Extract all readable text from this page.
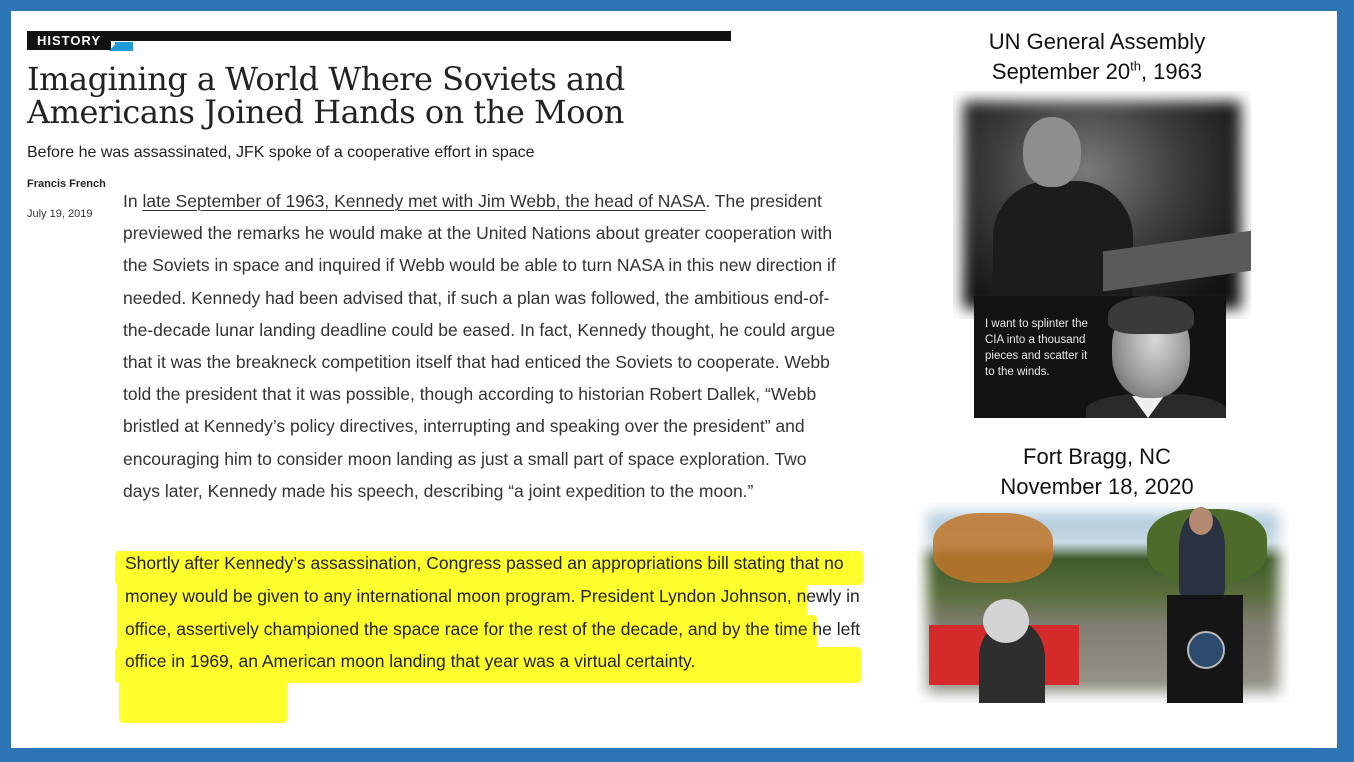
HISTORY
Imagining a World Where Soviets and Americans Joined Hands on the Moon
Before he was assassinated, JFK spoke of a cooperative effort in space
Francis French
July 19, 2019

In late September of 1963, Kennedy met with Jim Webb, the head of NASA. The president previewed the remarks he would make at the United Nations about greater cooperation with the Soviets in space and inquired if Webb would be able to turn NASA in this new direction if needed. Kennedy had been advised that, if such a plan was followed, the ambitious end-of-the-decade lunar landing deadline could be eased. In fact, Kennedy thought, he could argue that it was the breakneck competition itself that had enticed the Soviets to cooperate. Webb told the president that it was possible, though according to historian Robert Dallek, “Webb bristled at Kennedy’s policy directives, interrupting and speaking over the president” and encouraging him to consider moon landing as just a small part of space exploration. Two days later, Kennedy made his speech, describing “a joint expedition to the moon.”

Shortly after Kennedy’s assassination, Congress passed an appropriations bill stating that no money would be given to any international moon program. President Lyndon Johnson, newly in office, assertively championed the space race for the rest of the decade, and by the time he left office in 1969, an American moon landing that year was a virtual certainty.

UN General Assembly
September 20th, 1963
I want to splinter the CIA into a thousand pieces and scatter it to the winds.
Fort Bragg, NC
November 18, 2020
